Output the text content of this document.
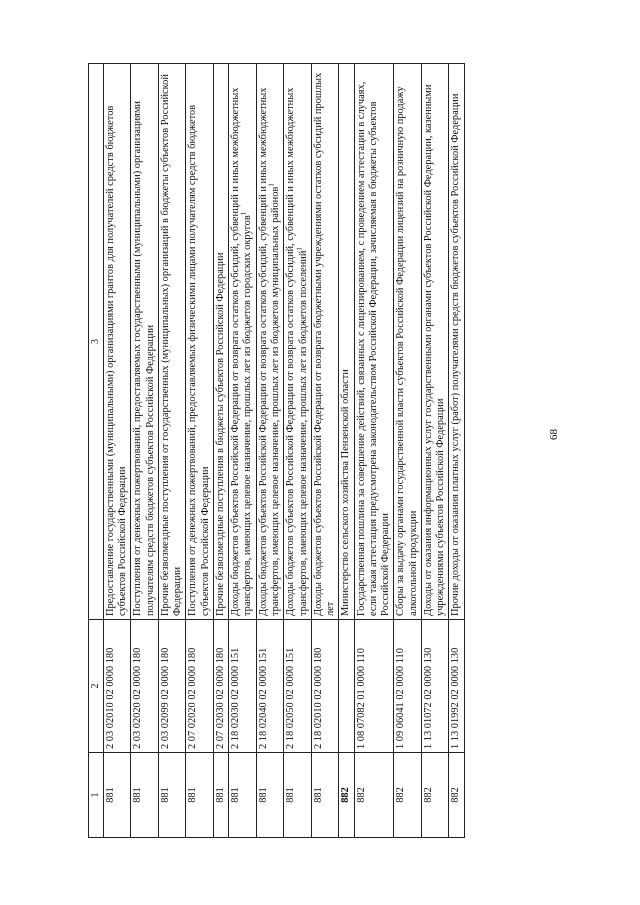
68
1	2	3
881	2 03 02010 02 0000 180	Предоставление государственными (муниципальными) организациями грантов для получателей средств бюджетов субъектов Российской Федерации
881	2 03 02020 02 0000 180	Поступления от денежных пожертвований, предоставляемых государственными (муниципальными) организациями получателям средств бюджетов субъектов Российской Федерации
881	2 03 02099 02 0000 180	Прочие безвозмездные поступления от государственных (муниципальных) организаций в бюджеты субъектов Российской Федерации
881	2 07 02020 02 0000 180	Поступления от денежных пожертвований, предоставляемых физическими лицами получателям средств бюджетов субъектов Российской Федерации
881	2 07 02030 02 0000 180	Прочие безвозмездные поступления в бюджеты субъектов Российской Федерации
881	2 18 02030 02 0000 151	Доходы бюджетов субъектов Российской Федерации от возврата остатков субсидий, субвенций и иных межбюджетных трансфертов, имеющих целевое назначение, прошлых лет из бюджетов городских округов$^1$
881	2 18 02040 02 0000 151	Доходы бюджетов субъектов Российской Федерации от возврата остатков субсидий, субвенций и иных межбюджетных трансфертов, имеющих целевое назначение, прошлых лет из бюджетов муниципальных районов$^1$
881	2 18 02050 02 0000 151	Доходы бюджетов субъектов Российской Федерации от возврата остатков субсидий, субвенций и иных межбюджетных трансфертов, имеющих целевое назначение, прошлых лет из бюджетов поселений$^1$
881	2 18 02010 02 0000 180	Доходы бюджетов субъектов Российской Федерации от возврата бюджетными учреждениями остатков субсидий прошлых лет
882		Министерство сельского хозяйства Пензенской области
882	1 08 07082 01 0000 110	Государственная пошлина за совершение действий, связанных с лицензированием, с проведением аттестации в случаях, если такая аттестация предусмотрена законодательством Российской Федерации, зачисляемая в бюджеты субъектов Российской Федерации
882	1 09 06041 02 0000 110	Сборы за выдачу органами государственной власти субъектов Российской Федерации лицензий на розничную продажу алкогольной продукции
882	1 13 01072 02 0000 130	Доходы от оказания информационных услуг государственными органами субъектов Российской Федерации, казенными учреждениями субъектов Российской Федерации
882	1 13 01992 02 0000 130	Прочие доходы от оказания платных услуг (работ) получателями средств бюджетов субъектов Российской Федерации
